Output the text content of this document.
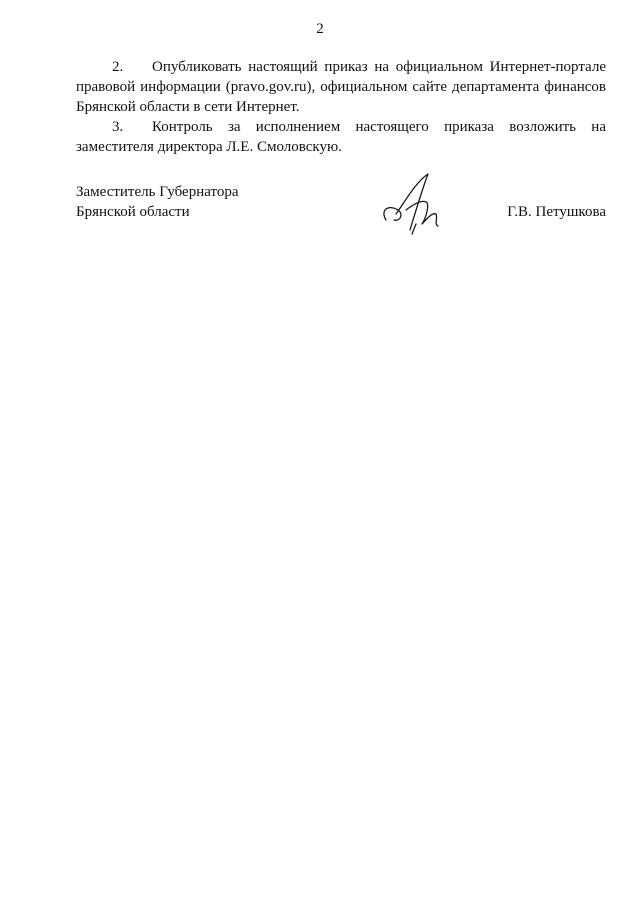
2

2. Опубликовать настоящий приказ на официальном Интернет-портале правовой информации (pravo.gov.ru), официальном сайте департамента финансов Брянской области в сети Интернет.

3. Контроль за исполнением настоящего приказа возложить на заместителя директора Л.Е. Смоловскую.

Заместитель Губернатора
Брянской области	Г.В. Петушкова
